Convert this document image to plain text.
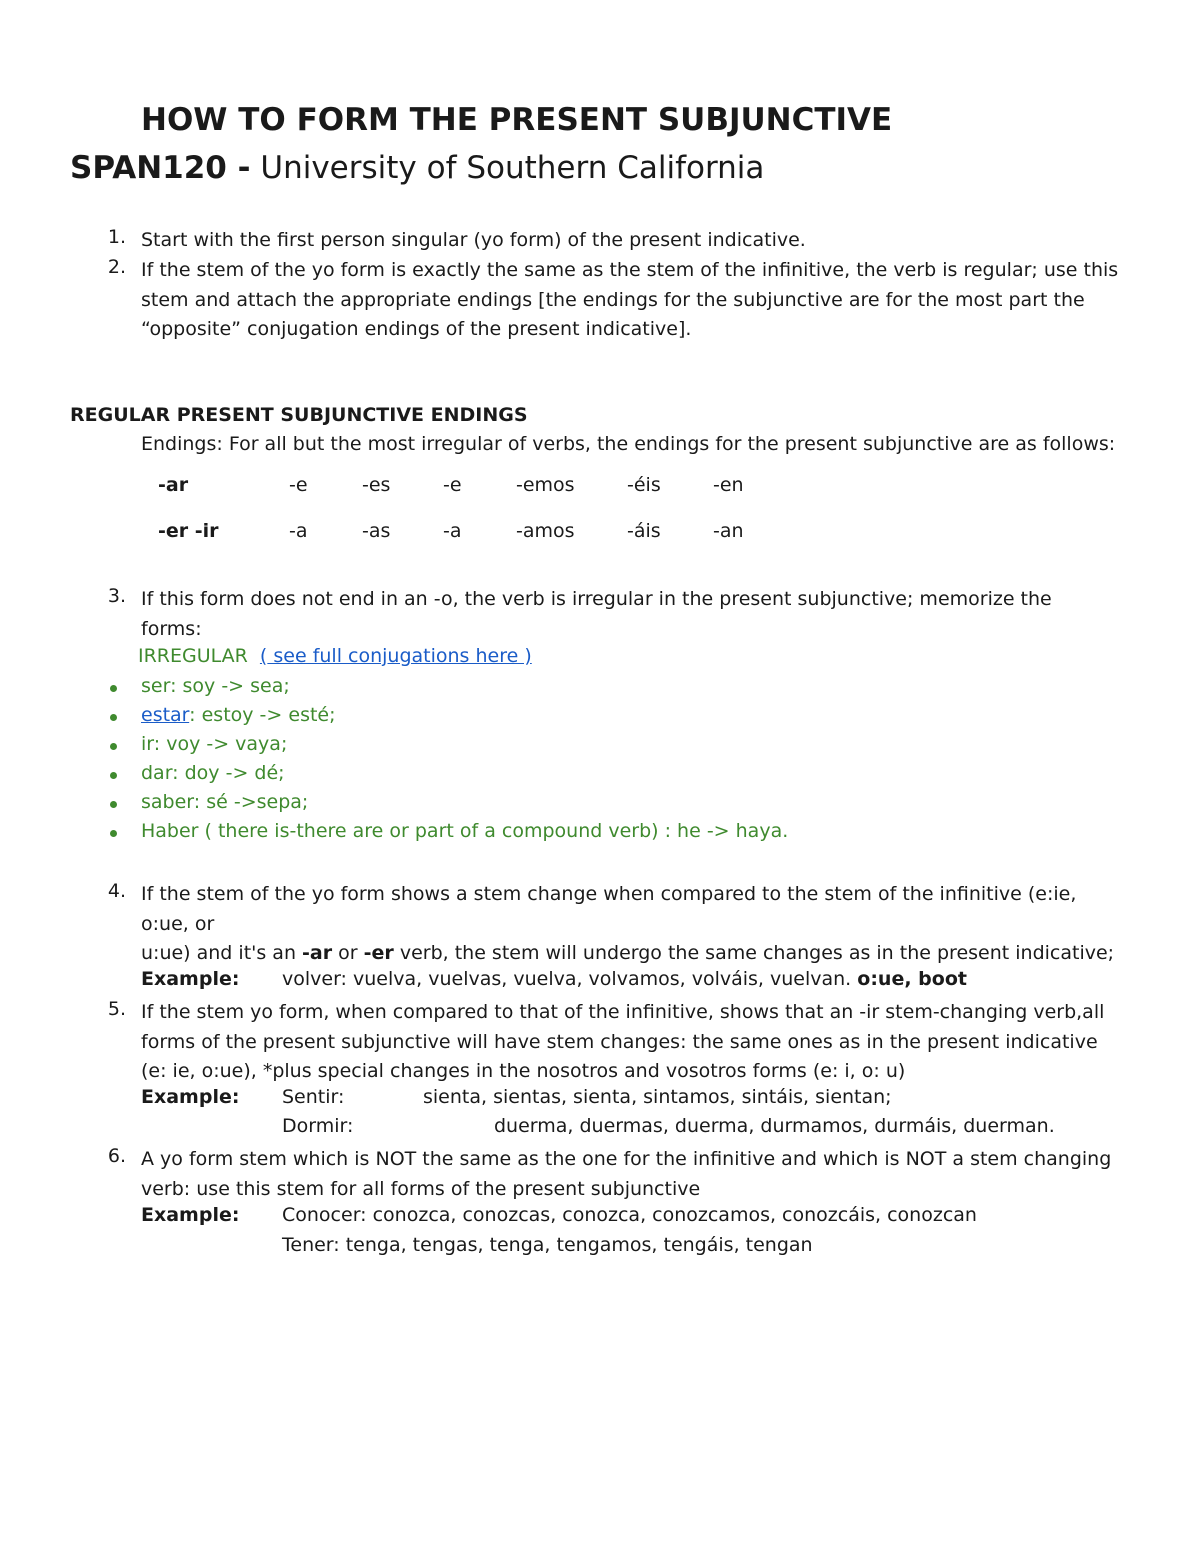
HOW TO FORM THE PRESENT SUBJUNCTIVE
SPAN120 - University of Southern California
1. Start with the first person singular (yo form) of the present indicative.
2. If the stem of the yo form is exactly the same as the stem of the infinitive, the verb is regular; use this
stem and attach the appropriate endings [the endings for the subjunctive are for the most part the
“opposite” conjugation endings of the present indicative].
REGULAR PRESENT SUBJUNCTIVE ENDINGS
Endings: For all but the most irregular of verbs, the endings for the present subjunctive are as follows:
-ar	-e	-es	-e	-emos	-éis	-en
-er -ir	-a	-as	-a	-amos	-áis	-an
3. If this form does not end in an -o, the verb is irregular in the present subjunctive; memorize the
forms:
IRREGULAR ( see full conjugations here )
ser: soy -> sea;
estar: estoy -> esté;
ir: voy -> vaya;
dar: doy -> dé;
saber: sé ->sepa;
Haber ( there is-there are or part of a compound verb) : he -> haya.
4. If the stem of the yo form shows a stem change when compared to the stem of the infinitive (e:ie,
o:ue, or
u:ue) and it's an -ar or -er verb, the stem will undergo the same changes as in the present indicative;
Example: volver: vuelva, vuelvas, vuelva, volvamos, volváis, vuelvan. o:ue, boot
5. If the stem yo form, when compared to that of the infinitive, shows that an -ir stem-changing verb,all
forms of the present subjunctive will have stem changes: the same ones as in the present indicative
(e: ie, o:ue), *plus special changes in the nosotros and vosotros forms (e: i, o: u)
Example: Sentir:	sienta, sientas, sienta, sintamos, sintáis, sientan;
Dormir:	duerma, duermas, duerma, durmamos, durmáis, duerman.
6. A yo form stem which is NOT the same as the one for the infinitive and which is NOT a stem changing
verb: use this stem for all forms of the present subjunctive
Example: Conocer: conozca, conozcas, conozca, conozcamos, conozcáis, conozcan
Tener: tenga, tengas, tenga, tengamos, tengáis, tengan
